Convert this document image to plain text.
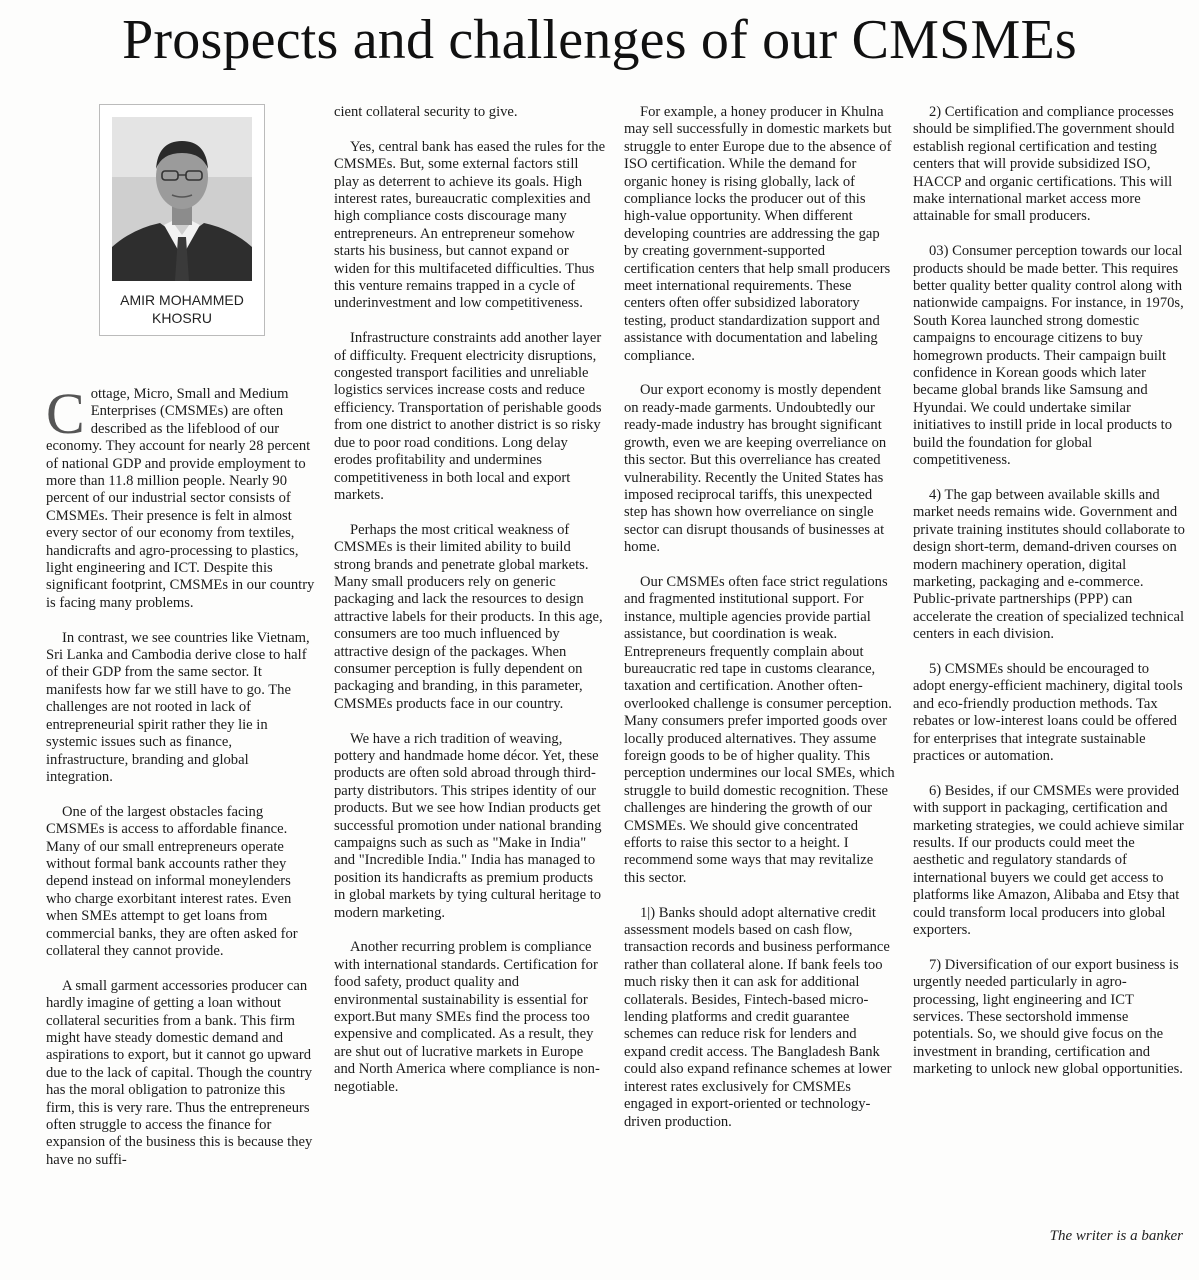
Prospects and challenges of our CMSMEs
AMIR MOHAMMED
KHOSRU

Cottage, Micro, Small and Medium Enterprises (CMSMEs) are often described as the lifeblood of our economy. They account for nearly 28 percent of national GDP and provide employment to more than 11.8 million people. Nearly 90 percent of our industrial sector consists of CMSMEs. Their presence is felt in almost every sector of our economy from textiles, handicrafts and agro-processing to plastics, light engineering and ICT. Despite this significant footprint, CMSMEs in our country is facing many problems.

In contrast, we see countries like Vietnam, Sri Lanka and Cambodia derive close to half of their GDP from the same sector. It manifests how far we still have to go. The challenges are not rooted in lack of entrepreneurial spirit rather they lie in systemic issues such as finance, infrastructure, branding and global integration.

One of the largest obstacles facing CMSMEs is access to affordable finance. Many of our small entrepreneurs operate without formal bank accounts rather they depend instead on informal moneylenders who charge exorbitant interest rates. Even when SMEs attempt to get loans from commercial banks, they are often asked for collateral they cannot provide.

A small garment accessories producer can hardly imagine of getting a loan without collateral securities from a bank. This firm might have steady domestic demand and aspirations to export, but it cannot go upward due to the lack of capital. Though the country has the moral obligation to patronize this firm, this is very rare. Thus the entrepreneurs often struggle to access the finance for expansion of the business this is because they have no suffi-

cient collateral security to give.

Yes, central bank has eased the rules for the CMSMEs. But, some external factors still play as deterrent to achieve its goals. High interest rates, bureaucratic complexities and high compliance costs discourage many entrepreneurs. An entrepreneur somehow starts his business, but cannot expand or widen for this multifaceted difficulties. Thus this venture remains trapped in a cycle of underinvestment and low competitiveness.

Infrastructure constraints add another layer of difficulty. Frequent electricity disruptions, congested transport facilities and unreliable logistics services increase costs and reduce efficiency. Transportation of perishable goods from one district to another district is so risky due to poor road conditions. Long delay erodes profitability and undermines competitiveness in both local and export markets.

Perhaps the most critical weakness of CMSMEs is their limited ability to build strong brands and penetrate global markets. Many small producers rely on generic packaging and lack the resources to design attractive labels for their products. In this age, consumers are too much influenced by attractive design of the packages. When consumer perception is fully dependent on packaging and branding, in this parameter, CMSMEs products face in our country.

We have a rich tradition of weaving, pottery and handmade home décor. Yet, these products are often sold abroad through third-party distributors. This stripes identity of our products. But we see how Indian products get successful promotion under national branding campaigns such as such as "Make in India" and "Incredible India." India has managed to position its handicrafts as premium products in global markets by tying cultural heritage to modern marketing.

Another recurring problem is compliance with international standards. Certification for food safety, product quality and environmental sustainability is essential for export.But many SMEs find the process too expensive and complicated. As a result, they are shut out of lucrative markets in Europe and North America where compliance is non-negotiable.

For example, a honey producer in Khulna may sell successfully in domestic markets but struggle to enter Europe due to the absence of ISO certification. While the demand for organic honey is rising globally, lack of compliance locks the producer out of this high-value opportunity. When different developing countries are addressing the gap by creating government-supported certification centers that help small producers meet international requirements. These centers often offer subsidized laboratory testing, product standardization support and assistance with documentation and labeling compliance.

Our export economy is mostly dependent on ready-made garments. Undoubtedly our ready-made industry has brought significant growth, even we are keeping overreliance on this sector. But this overreliance has created vulnerability. Recently the United States has imposed reciprocal tariffs, this unexpected step has shown how overreliance on single sector can disrupt thousands of businesses at home.

Our CMSMEs often face strict regulations and fragmented institutional support. For instance, multiple agencies provide partial assistance, but coordination is weak. Entrepreneurs frequently complain about bureaucratic red tape in customs clearance, taxation and certification. Another often-overlooked challenge is consumer perception. Many consumers prefer imported goods over locally produced alternatives. They assume foreign goods to be of higher quality. This perception undermines our local SMEs, which struggle to build domestic recognition. These challenges are hindering the growth of our CMSMEs. We should give concentrated efforts to raise this sector to a height. I recommend some ways that may revitalize this sector.

1|) Banks should adopt alternative credit assessment models based on cash flow, transaction records and business performance rather than collateral alone. If bank feels too much risky then it can ask for additional collaterals. Besides, Fintech-based micro-lending platforms and credit guarantee schemes can reduce risk for lenders and expand credit access. The Bangladesh Bank could also expand refinance schemes at lower interest rates exclusively for CMSMEs engaged in export-oriented or technology-driven production.

2) Certification and compliance processes should be simplified.The government should establish regional certification and testing centers that will provide subsidized ISO, HACCP and organic certifications. This will make international market access more attainable for small producers.

03) Consumer perception towards our local products should be made better. This requires better quality better quality control along with nationwide campaigns. For instance, in 1970s, South Korea launched strong domestic campaigns to encourage citizens to buy homegrown products. Their campaign built confidence in Korean goods which later became global brands like Samsung and Hyundai. We could undertake similar initiatives to instill pride in local products to build the foundation for global competitiveness.

4) The gap between available skills and market needs remains wide. Government and private training institutes should collaborate to design short-term, demand-driven courses on modern machinery operation, digital marketing, packaging and e-commerce. Public-private partnerships (PPP) can accelerate the creation of specialized technical centers in each division.

5) CMSMEs should be encouraged to adopt energy-efficient machinery, digital tools and eco-friendly production methods. Tax rebates or low-interest loans could be offered for enterprises that integrate sustainable practices or automation.

6) Besides, if our CMSMEs were provided with support in packaging, certification and marketing strategies, we could achieve similar results. If our products could meet the aesthetic and regulatory standards of international buyers we could get access to platforms like Amazon, Alibaba and Etsy that could transform local producers into global exporters.

7) Diversification of our export business is urgently needed particularly in agro-processing, light engineering and ICT services. These sectorshold immense potentials. So, we should give focus on the investment in branding, certification and marketing to unlock new global opportunities.

The writer is a banker
